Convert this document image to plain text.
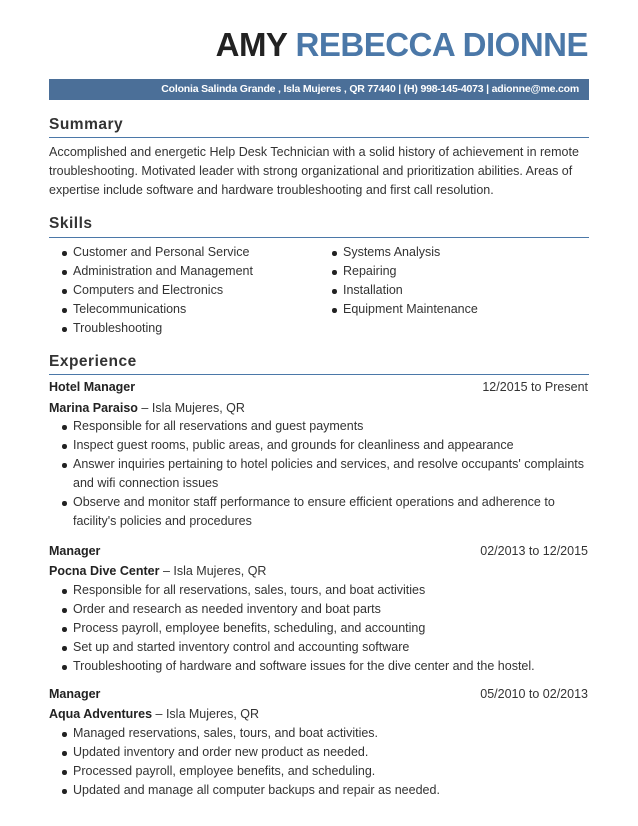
AMY REBECCA DIONNE
Colonia Salinda Grande , Isla Mujeres , QR 77440 | (H) 998-145-4073 | adionne@me.com
Summary
Accomplished and energetic Help Desk Technician with a solid history of achievement in remote troubleshooting. Motivated leader with strong organizational and prioritization abilities. Areas of expertise include software and hardware troubleshooting and first call resolution.
Skills
Customer and Personal Service
Administration and Management
Computers and Electronics
Telecommunications
Troubleshooting
Systems Analysis
Repairing
Installation
Equipment Maintenance
Experience
Hotel Manager	12/2015 to Present
Marina Paraiso – Isla Mujeres, QR
Responsible for all reservations and guest payments
Inspect guest rooms, public areas, and grounds for cleanliness and appearance
Answer inquiries pertaining to hotel policies and services, and resolve occupants' complaints and wifi connection issues
Observe and monitor staff performance to ensure efficient operations and adherence to facility's policies and procedures
Manager	02/2013 to 12/2015
Pocna Dive Center – Isla Mujeres, QR
Responsible for all reservations, sales, tours, and boat activities
Order and research as needed inventory and boat parts
Process payroll, employee benefits, scheduling, and accounting
Set up and started inventory control and accounting software
Troubleshooting of hardware and software issues for the dive center and the hostel.
Manager	05/2010 to 02/2013
Aqua Adventures – Isla Mujeres, QR
Managed reservations, sales, tours, and boat activities.
Updated inventory and order new product as needed.
Processed payroll, employee benefits, and scheduling.
Updated and manage all computer backups and repair as needed.
